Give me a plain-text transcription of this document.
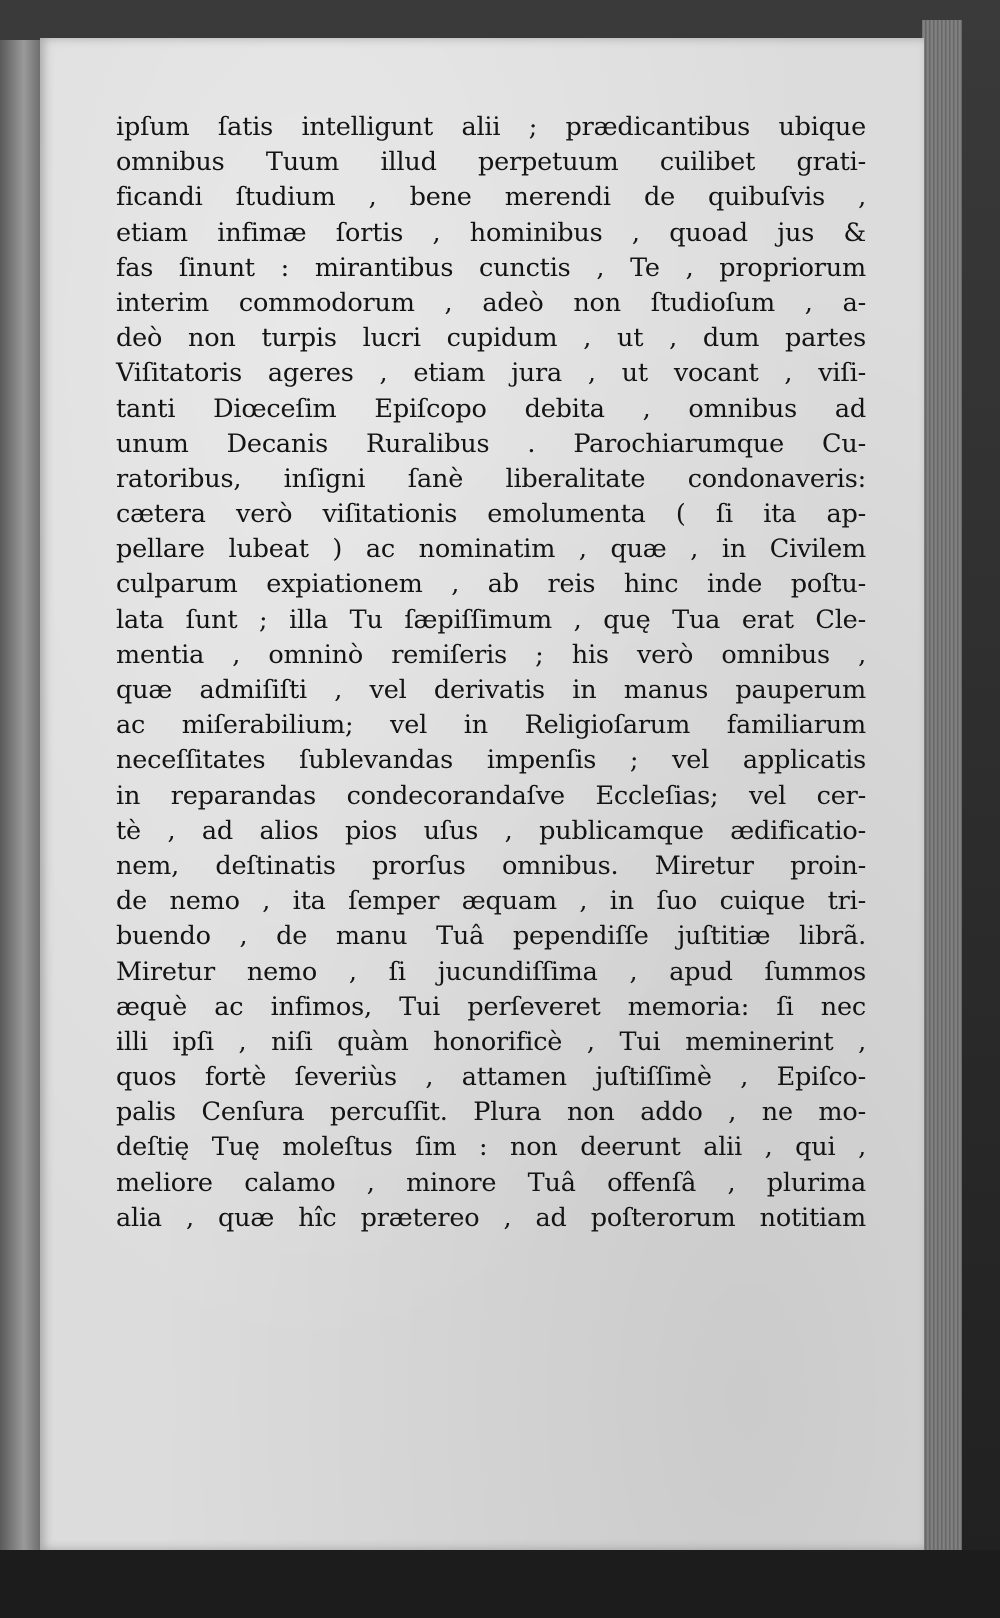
ipſum ſatis intelligunt alii ; prædicantibus ubique
omnibus Tuum illud perpetuum cuilibet grati-
ficandi ſtudium , bene merendi de quibuſvis ,
etiam infimæ ſortis , hominibus , quoad jus &
fas ſinunt : mirantibus cunctis , Te , propriorum
interim commodorum , adeò non ſtudioſum , a-
deò non turpis lucri cupidum , ut , dum partes
Viſitatoris ageres , etiam jura , ut vocant , viſi-
tanti Diœceſim Epiſcopo debita , omnibus ad
unum Decanis Ruralibus . Parochiarumque Cu-
ratoribus, inſigni ſanè liberalitate condonaveris:
cætera verò viſitationis emolumenta ( ſi ita ap-
pellare lubeat ) ac nominatim , quæ , in Civilem
culparum expiationem , ab reis hinc inde poſtu-
lata ſunt ; illa Tu ſæpiſſimum , quę Tua erat Cle-
mentia , omninò remiſeris ; his verò omnibus ,
quæ admiſiſti , vel derivatis in manus pauperum
ac miſerabilium; vel in Religioſarum familiarum
neceſſitates ſublevandas impenſis ; vel applicatis
in reparandas condecorandaſve Eccleſias; vel cer-
tè , ad alios pios uſus , publicamque ædificatio-
nem, deſtinatis prorſus omnibus. Miretur proin-
de nemo , ita ſemper æquam , in ſuo cuique tri-
buendo , de manu Tuâ pependiſſe juſtitiæ librã.
Miretur nemo , ſi jucundiſſima , apud ſummos
æquè ac infimos, Tui perſeveret memoria: ſi nec
illi ipſi , niſi quàm honorificè , Tui meminerint ,
quos fortè ſeveriùs , attamen juſtiſſimè , Epiſco-
palis Cenſura percuſſit. Plura non addo , ne mo-
deſtię Tuę moleſtus ſim : non deerunt alii , qui ,
meliore calamo , minore Tuâ offenſâ , plurima
alia , quæ hîc prætereo , ad poſterorum notitiam
